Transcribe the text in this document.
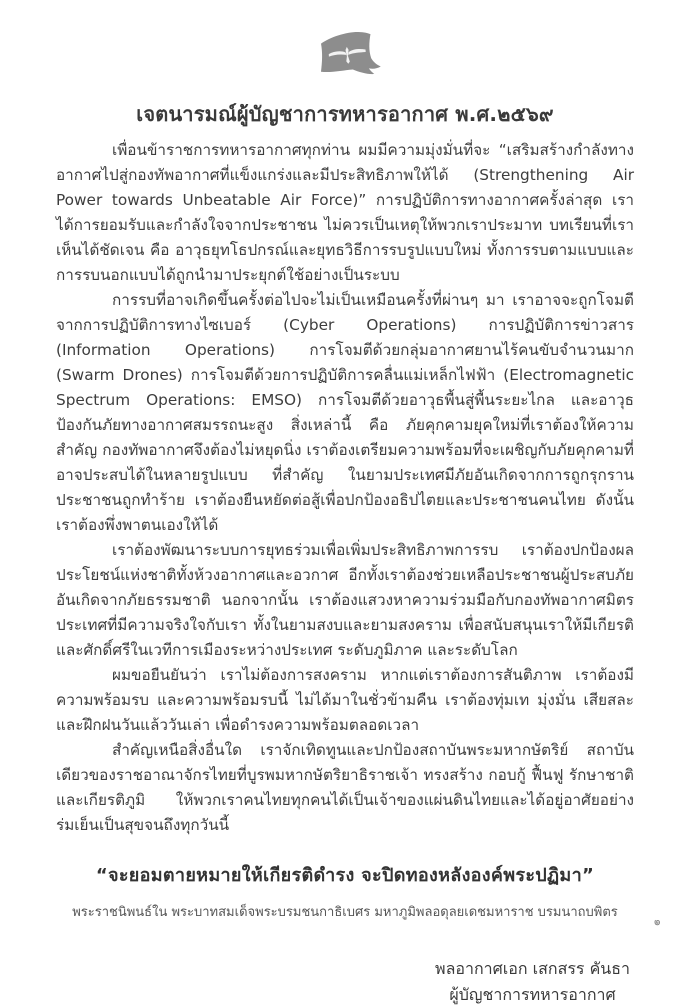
เจตนารมณ์ผู้บัญชาการทหารอากาศ พ.ศ.๒๕๖๙

เพื่อนข้าราชการทหารอากาศทุกท่าน ผมมีความมุ่งมั่นที่จะ “เสริมสร้างกำลังทางอากาศไปสู่กองทัพอากาศที่แข็งแกร่งและมีประสิทธิภาพให้ได้ (Strengthening Air Power towards Unbeatable Air Force)” การปฏิบัติการทางอากาศครั้งล่าสุด เราได้การยอมรับและกำลังใจจากประชาชน ไม่ควรเป็นเหตุให้พวกเราประมาท บทเรียนที่เราเห็นได้ชัดเจน คือ อาวุธยุทโธปกรณ์และยุทธวิธีการรบรูปแบบใหม่ ทั้งการรบตามแบบและการรบนอกแบบได้ถูกนำมาประยุกต์ใช้อย่างเป็นระบบ

การรบที่อาจเกิดขึ้นครั้งต่อไปจะไม่เป็นเหมือนครั้งที่ผ่านๆ มา เราอาจจะถูกโจมตีจากการปฏิบัติการทางไซเบอร์ (Cyber Operations) การปฏิบัติการข่าวสาร (Information Operations) การโจมตีด้วยกลุ่มอากาศยานไร้คนขับจำนวนมาก (Swarm Drones) การโจมตีด้วยการปฏิบัติการคลื่นแม่เหล็กไฟฟ้า (Electromagnetic Spectrum Operations: EMSO) การโจมตีด้วยอาวุธพื้นสู่พื้นระยะไกล และอาวุธป้องกันภัยทางอากาศสมรรถนะสูง สิ่งเหล่านี้ คือ ภัยคุกคามยุคใหม่ที่เราต้องให้ความสำคัญ กองทัพอากาศจึงต้องไม่หยุดนิ่ง เราต้องเตรียมความพร้อมที่จะเผชิญกับภัยคุกคามที่อาจประสบได้ในหลายรูปแบบ ที่สำคัญ ในยามประเทศมีภัยอันเกิดจากการถูกรุกราน ประชาชนถูกทำร้าย เราต้องยืนหยัดต่อสู้เพื่อปกป้องอธิปไตยและประชาชนคนไทย ดังนั้น เราต้องพึ่งพาตนเองให้ได้

เราต้องพัฒนาระบบการยุทธร่วมเพื่อเพิ่มประสิทธิภาพการรบ เราต้องปกป้องผลประโยชน์แห่งชาติทั้งห้วงอากาศและอวกาศ อีกทั้งเราต้องช่วยเหลือประชาชนผู้ประสบภัยอันเกิดจากภัยธรรมชาติ นอกจากนั้น เราต้องแสวงหาความร่วมมือกับกองทัพอากาศมิตรประเทศที่มีความจริงใจกับเรา ทั้งในยามสงบและยามสงคราม เพื่อสนับสนุนเราให้มีเกียรติและศักดิ์ศรีในเวทีการเมืองระหว่างประเทศ ระดับภูมิภาค และระดับโลก

ผมขอยืนยันว่า เราไม่ต้องการสงคราม หากแต่เราต้องการสันติภาพ เราต้องมีความพร้อมรบ และความพร้อมรบนี้ ไม่ได้มาในชั่วข้ามคืน เราต้องทุ่มเท มุ่งมั่น เสียสละ และฝึกฝนวันแล้ววันเล่า เพื่อดำรงความพร้อมตลอดเวลา

สำคัญเหนือสิ่งอื่นใด เราจักเทิดทูนและปกป้องสถาบันพระมหากษัตริย์ สถาบันเดียวของราชอาณาจักรไทยที่บูรพมหากษัตริยาธิราชเจ้า ทรงสร้าง กอบกู้ ฟื้นฟู รักษาชาติและเกียรติภูมิ ให้พวกเราคนไทยทุกคนได้เป็นเจ้าของแผ่นดินไทยและได้อยู่อาศัยอย่างร่มเย็นเป็นสุขจนถึงทุกวันนี้

“จะยอมตายหมายให้เกียรติดำรง จะปิดทองหลังองค์พระปฏิมา”
พระราชนิพนธ์ใน พระบาทสมเด็จพระบรมชนกาธิเบศร มหาภูมิพลอดุลยเดชมหาราช บรมนาถบพิตร
พลอากาศเอก เสกสรร คันธา
ผู้บัญชาการทหารอากาศ
๑
